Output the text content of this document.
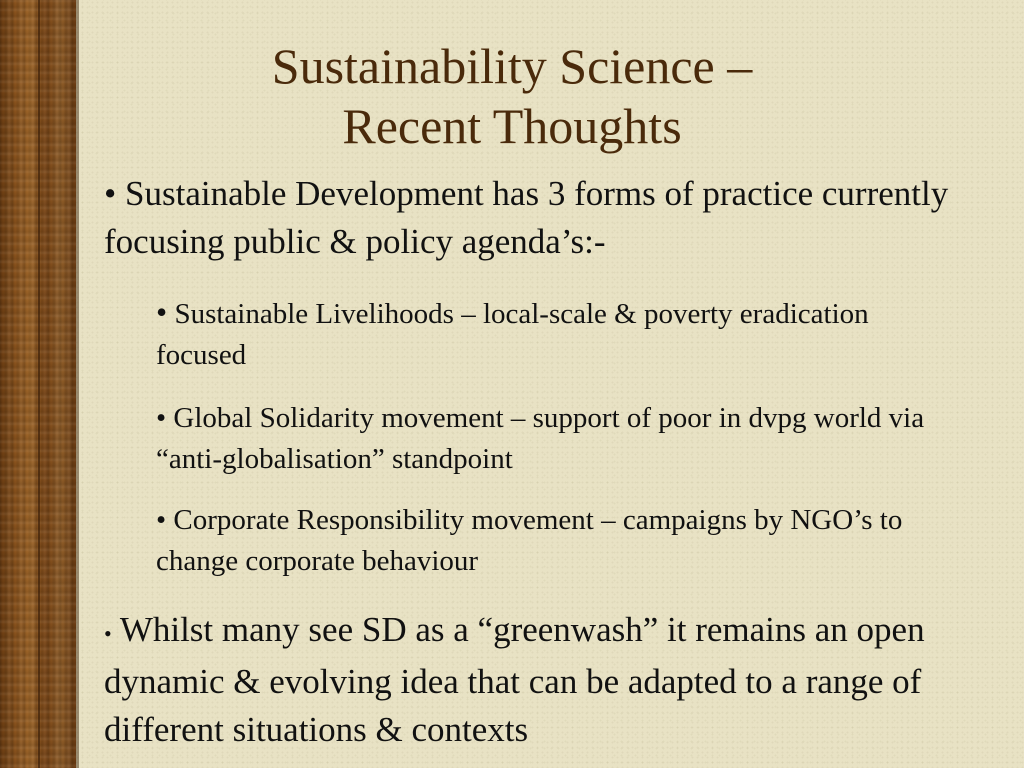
Sustainability Science –
Recent Thoughts
• Sustainable Development has 3 forms of practice currently focusing public & policy agenda’s:-
• Sustainable Livelihoods – local-scale & poverty eradication focused
• Global Solidarity movement – support of poor in dvpg world via “anti-globalisation” standpoint
• Corporate Responsibility movement – campaigns by NGO’s to change corporate behaviour
• Whilst many see SD as a “greenwash” it remains an open dynamic & evolving idea that can be adapted to a range of different situations & contexts
